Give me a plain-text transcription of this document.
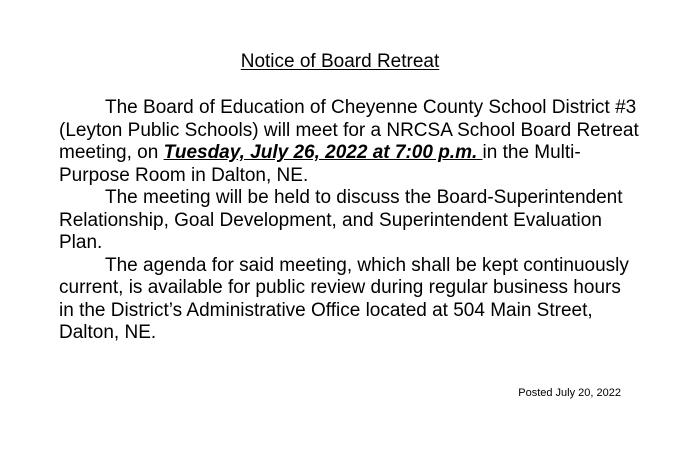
Notice of Board Retreat

The Board of Education of Cheyenne County School District #3 (Leyton Public Schools) will meet for a NRCSA School Board Retreat meeting, on Tuesday, July 26, 2022 at 7:00 p.m. in the Multi-Purpose Room in Dalton, NE.

The meeting will be held to discuss the Board-Superintendent Relationship, Goal Development, and Superintendent Evaluation Plan.

The agenda for said meeting, which shall be kept continuously current, is available for public review during regular business hours in the District’s Administrative Office located at 504 Main Street, Dalton, NE.

Posted July 20, 2022
